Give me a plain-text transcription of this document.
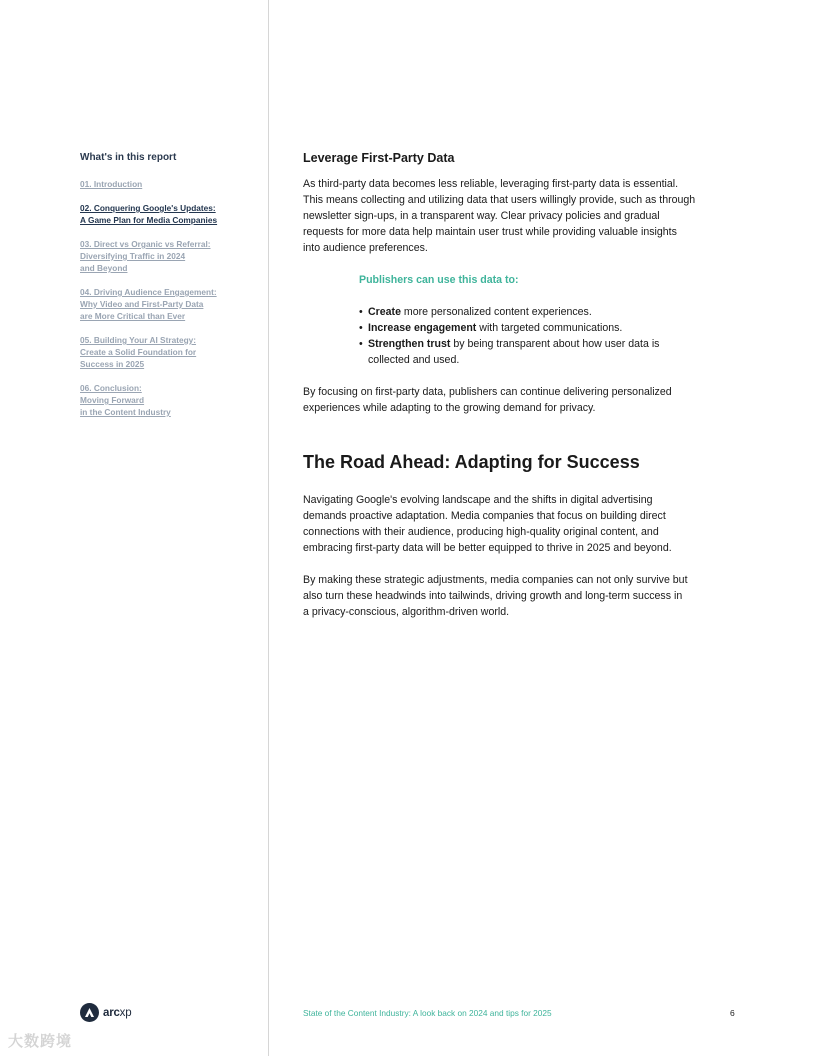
What's in this report
01. Introduction
02. Conquering Google's Updates:
A Game Plan for Media Companies
03. Direct vs Organic vs Referral:
Diversifying Traffic in 2024
and Beyond
04. Driving Audience Engagement:
Why Video and First-Party Data
are More Critical than Ever
05. Building Your AI Strategy:
Create a Solid Foundation for
Success in 2025
06. Conclusion:
Moving Forward
in the Content Industry
Leverage First-Party Data

As third-party data becomes less reliable, leveraging first-party data is essential.

This means collecting and utilizing data that users willingly provide, such as through

newsletter sign-ups, in a transparent way. Clear privacy policies and gradual

requests for more data help maintain user trust while providing valuable insights

into audience preferences.

Publishers can use this data to:
• Create more personalized content experiences.
• Increase engagement with targeted communications.
• Strengthen trust by being transparent about how user data is
collected and used.

By focusing on first-party data, publishers can continue delivering personalized

experiences while adapting to the growing demand for privacy.

The Road Ahead: Adapting for Success

Navigating Google's evolving landscape and the shifts in digital advertising

demands proactive adaptation. Media companies that focus on building direct

connections with their audience, producing high-quality original content, and

embracing first-party data will be better equipped to thrive in 2025 and beyond.

By making these strategic adjustments, media companies can not only survive but

also turn these headwinds into tailwinds, driving growth and long-term success in

a privacy-conscious, algorithm-driven world.

arcxp	State of the Content Industry: A look back on 2024 and tips for 2025	6
大数跨境
